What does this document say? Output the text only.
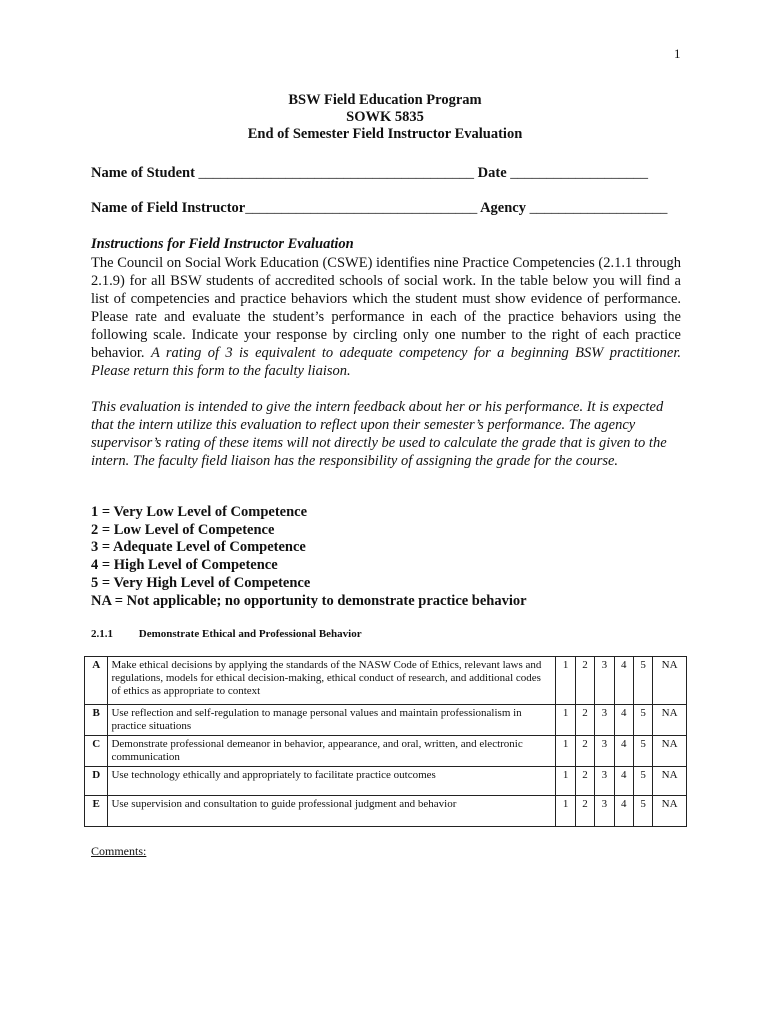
1
BSW Field Education Program
SOWK 5835
End of Semester Field Instructor Evaluation
Name of Student ______________________________________ Date ___________________
Name of Field Instructor________________________________ Agency ___________________
Instructions for Field Instructor Evaluation
The Council on Social Work Education (CSWE) identifies nine Practice Competencies (2.1.1 through 2.1.9) for all BSW students of accredited schools of social work. In the table below you will find a list of competencies and practice behaviors which the student must show evidence of performance. Please rate and evaluate the student’s performance in each of the practice behaviors using the following scale. Indicate your response by circling only one number to the right of each practice behavior. A rating of 3 is equivalent to adequate competency for a beginning BSW practitioner. Please return this form to the faculty liaison.
This evaluation is intended to give the intern feedback about her or his performance. It is expected that the intern utilize this evaluation to reflect upon their semester’s performance. The agency supervisor’s rating of these items will not directly be used to calculate the grade that is given to the intern. The faculty field liaison has the responsibility of assigning the grade for the course.
1 = Very Low Level of Competence
2 = Low Level of Competence
3 = Adequate Level of Competence
4 = High Level of Competence
5 = Very High Level of Competence
NA = Not applicable; no opportunity to demonstrate practice behavior
2.1.1 Demonstrate Ethical and Professional Behavior
A	Make ethical decisions by applying the standards of the NASW Code of Ethics, relevant laws and regulations, models for ethical decision-making, ethical conduct of research, and additional codes of ethics as appropriate to context	1	2	3	4	5	NA
B	Use reflection and self-regulation to manage personal values and maintain professionalism in practice situations	1	2	3	4	5	NA
C	Demonstrate professional demeanor in behavior, appearance, and oral, written, and electronic communication	1	2	3	4	5	NA
D	Use technology ethically and appropriately to facilitate practice outcomes	1	2	3	4	5	NA
E	Use supervision and consultation to guide professional judgment and behavior	1	2	3	4	5	NA
Comments:
